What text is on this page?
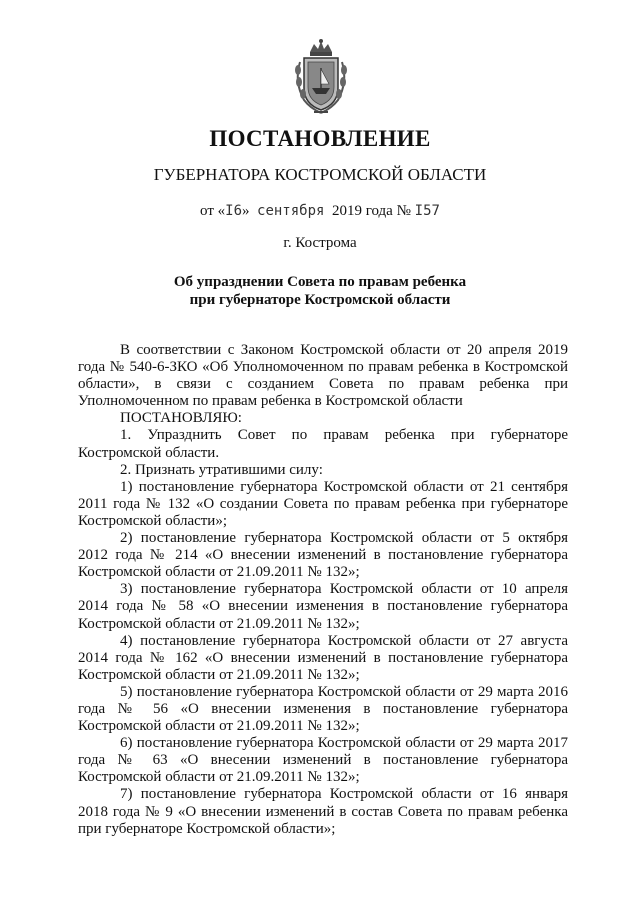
ПОСТАНОВЛЕНИЕ
ГУБЕРНАТОРА КОСТРОМСКОЙ ОБЛАСТИ
от «I6» сентября 2019 года № I57
г. Кострома
Об упразднении Совета по правам ребенка
при губернаторе Костромской области

В соответствии с Законом Костромской области от 20 апреля 2019 года № 540-6-ЗКО «Об Уполномоченном по правам ребенка в Костромской области», в связи с созданием Совета по правам ребенка при Уполномоченном по правам ребенка в Костромской области

ПОСТАНОВЛЯЮ:

1. Упразднить Совет по правам ребенка при губернаторе Костромской области.

2. Признать утратившими силу:

1) постановление губернатора Костромской области от 21 сентября 2011 года № 132 «О создании Совета по правам ребенка при губернаторе Костромской области»;

2) постановление губернатора Костромской области от 5 октября 2012 года № 214 «О внесении изменений в постановление губернатора Костромской области от 21.09.2011 № 132»;

3) постановление губернатора Костромской области от 10 апреля 2014 года № 58 «О внесении изменения в постановление губернатора Костромской области от 21.09.2011 № 132»;

4) постановление губернатора Костромской области от 27 августа 2014 года № 162 «О внесении изменений в постановление губернатора Костромской области от 21.09.2011 № 132»;

5) постановление губернатора Костромской области от 29 марта 2016 года № 56 «О внесении изменения в постановление губернатора Костромской области от 21.09.2011 № 132»;

6) постановление губернатора Костромской области от 29 марта 2017 года № 63 «О внесении изменений в постановление губернатора Костромской области от 21.09.2011 № 132»;

7) постановление губернатора Костромской области от 16 января 2018 года № 9 «О внесении изменений в состав Совета по правам ребенка при губернаторе Костромской области»;
